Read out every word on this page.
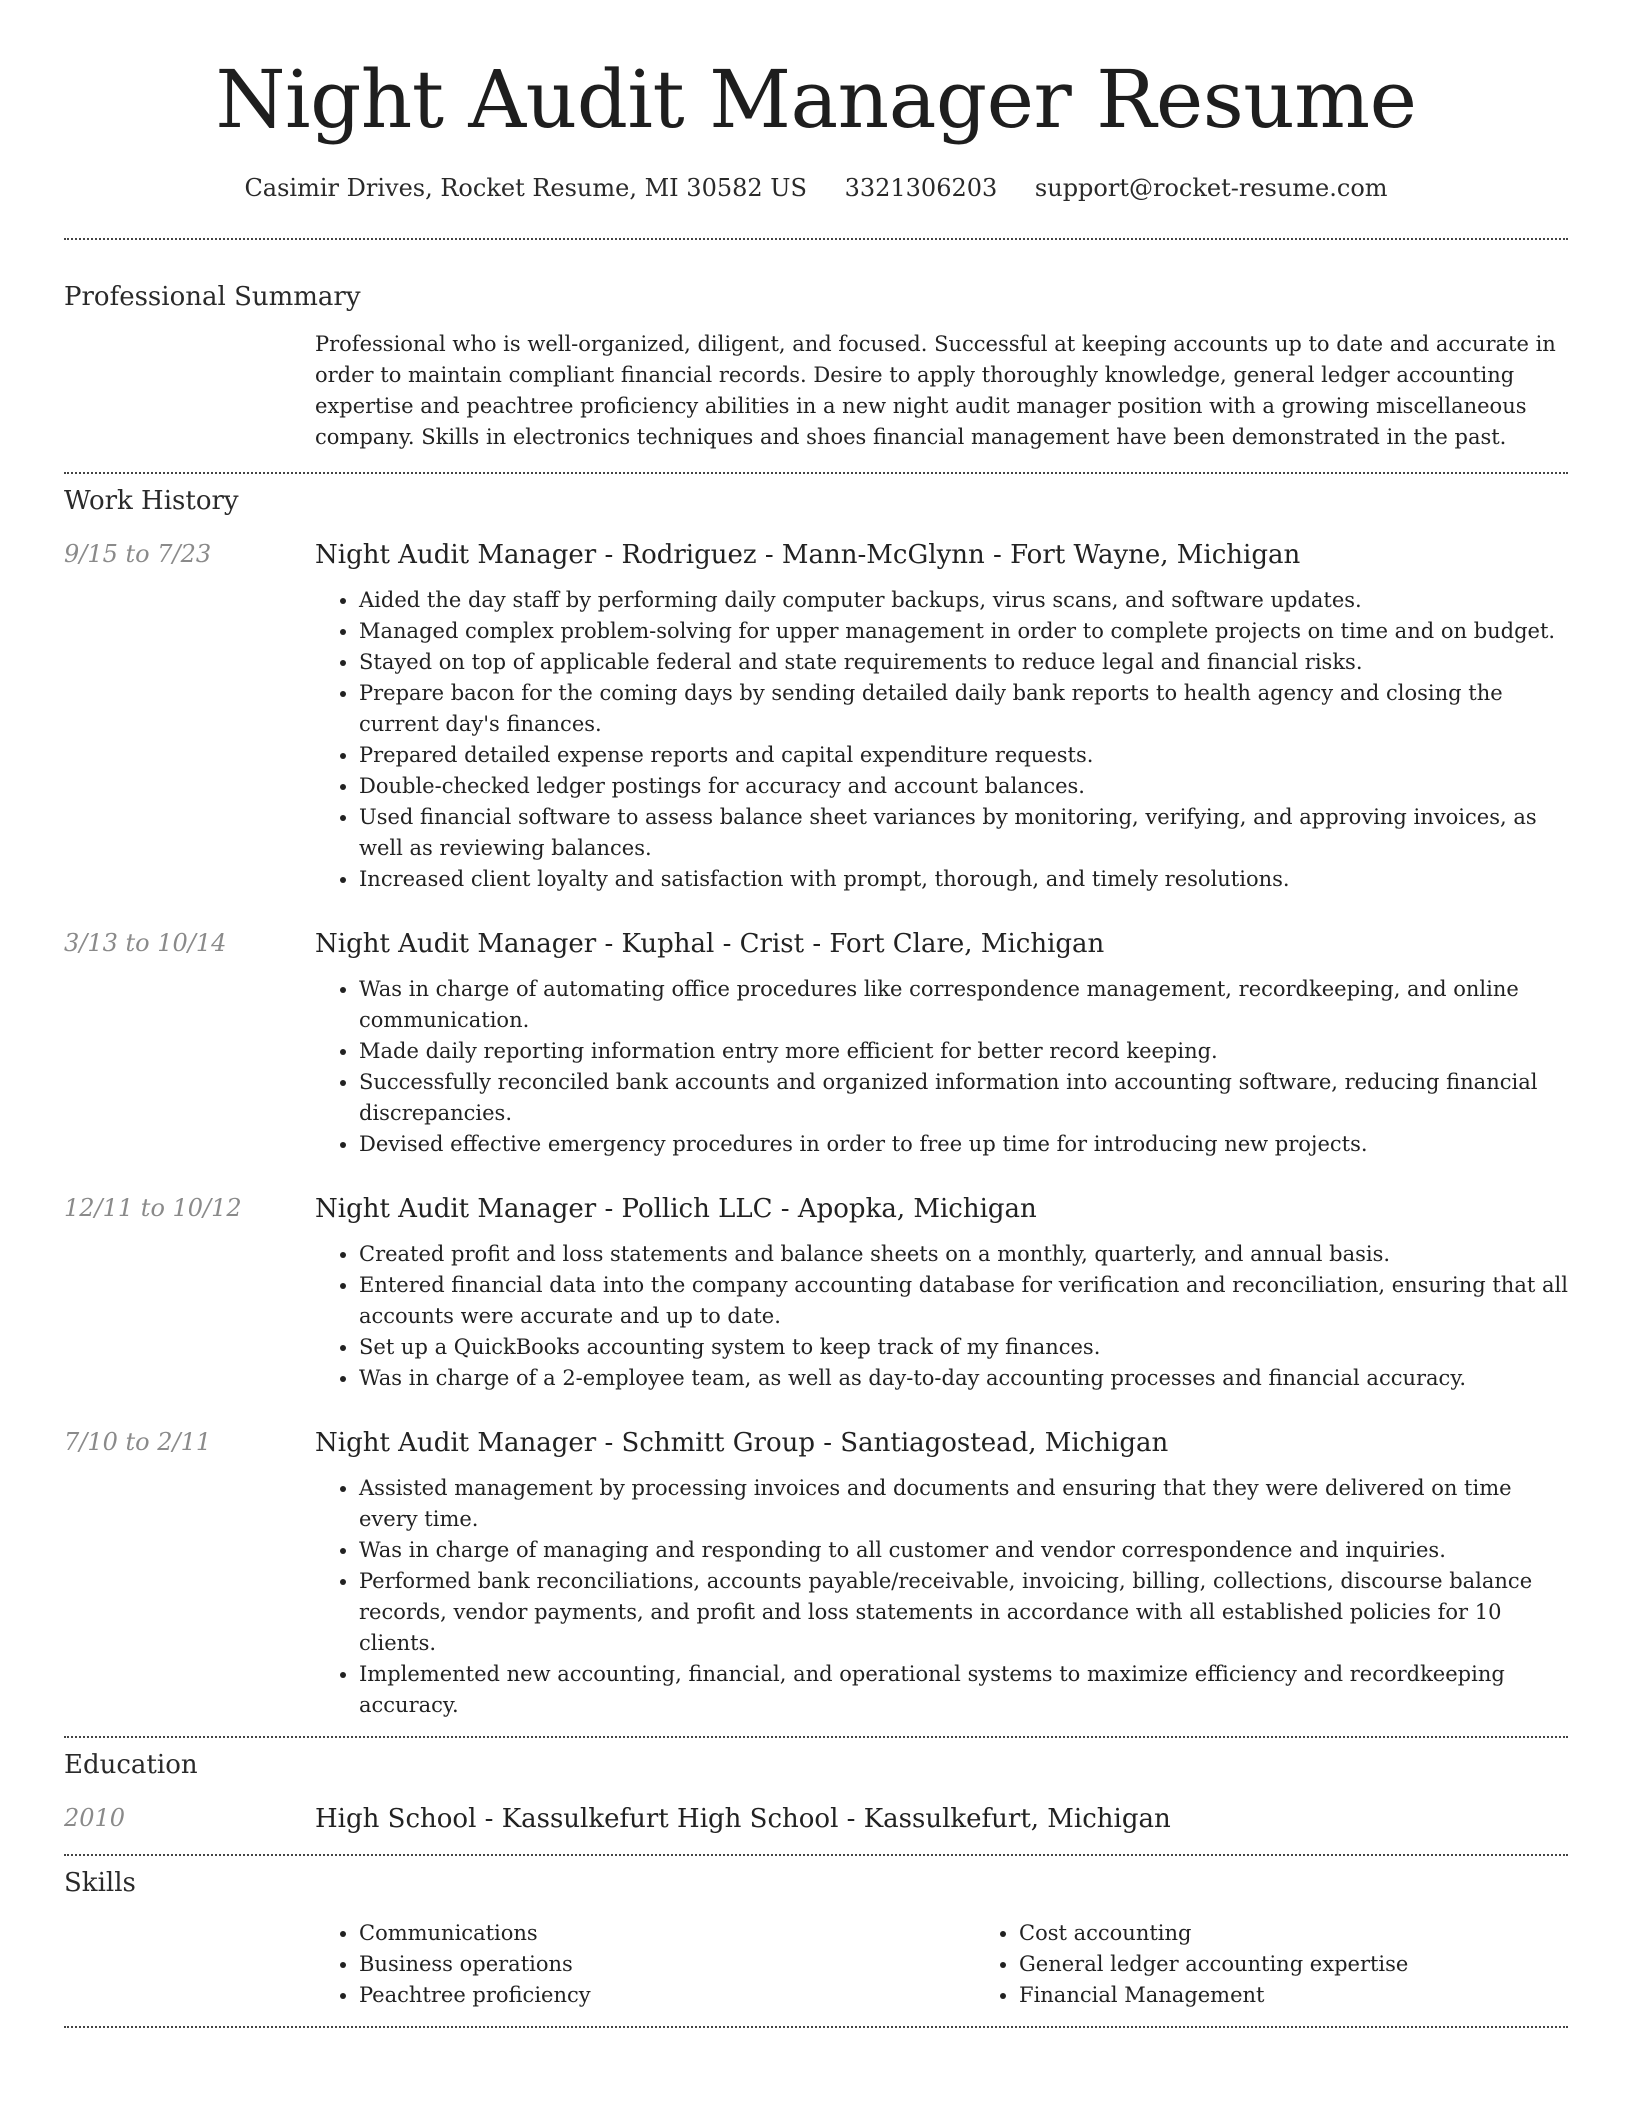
Night Audit Manager Resume
Casimir Drives, Rocket Resume, MI 30582 US 3321306203 support@rocket-resume.com
Professional Summary
Professional who is well-organized, diligent, and focused. Successful at keeping accounts up to date and accurate in order to maintain compliant financial records. Desire to apply thoroughly knowledge, general ledger accounting expertise and peachtree proficiency abilities in a new night audit manager position with a growing miscellaneous company. Skills in electronics techniques and shoes financial management have been demonstrated in the past.
Work History
9/15 to 7/23	Night Audit Manager - Rodriguez - Mann-McGlynn - Fort Wayne, Michigan
• Aided the day staff by performing daily computer backups, virus scans, and software updates.
• Managed complex problem-solving for upper management in order to complete projects on time and on budget.
• Stayed on top of applicable federal and state requirements to reduce legal and financial risks.
• Prepare bacon for the coming days by sending detailed daily bank reports to health agency and closing the current day's finances.
• Prepared detailed expense reports and capital expenditure requests.
• Double-checked ledger postings for accuracy and account balances.
• Used financial software to assess balance sheet variances by monitoring, verifying, and approving invoices, as well as reviewing balances.
• Increased client loyalty and satisfaction with prompt, thorough, and timely resolutions.
3/13 to 10/14	Night Audit Manager - Kuphal - Crist - Fort Clare, Michigan
• Was in charge of automating office procedures like correspondence management, recordkeeping, and online communication.
• Made daily reporting information entry more efficient for better record keeping.
• Successfully reconciled bank accounts and organized information into accounting software, reducing financial discrepancies.
• Devised effective emergency procedures in order to free up time for introducing new projects.
12/11 to 10/12	Night Audit Manager - Pollich LLC - Apopka, Michigan
• Created profit and loss statements and balance sheets on a monthly, quarterly, and annual basis.
• Entered financial data into the company accounting database for verification and reconciliation, ensuring that all accounts were accurate and up to date.
• Set up a QuickBooks accounting system to keep track of my finances.
• Was in charge of a 2-employee team, as well as day-to-day accounting processes and financial accuracy.
7/10 to 2/11	Night Audit Manager - Schmitt Group - Santiagostead, Michigan
• Assisted management by processing invoices and documents and ensuring that they were delivered on time every time.
• Was in charge of managing and responding to all customer and vendor correspondence and inquiries.
• Performed bank reconciliations, accounts payable/receivable, invoicing, billing, collections, discourse balance records, vendor payments, and profit and loss statements in accordance with all established policies for 10 clients.
• Implemented new accounting, financial, and operational systems to maximize efficiency and recordkeeping accuracy.
Education
2010	High School - Kassulkefurt High School - Kassulkefurt, Michigan
Skills
• Communications
• Business operations
• Peachtree proficiency
• Cost accounting
• General ledger accounting expertise
• Financial Management
